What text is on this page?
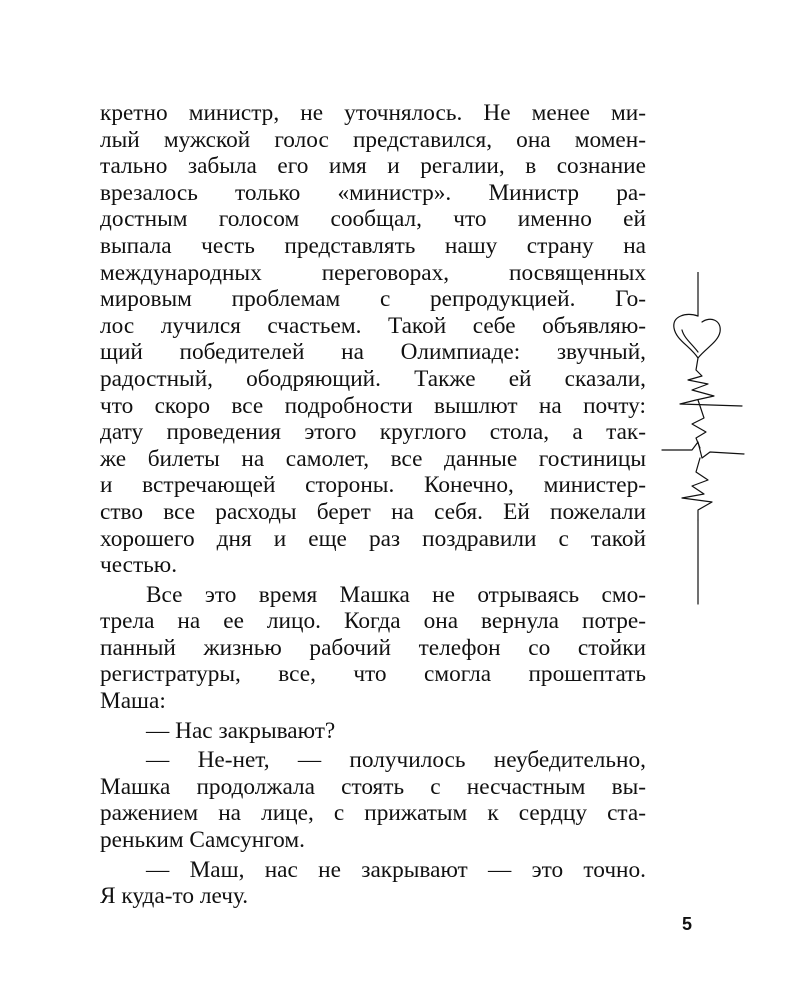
кретно министр, не уточнялось. Не менее ми-
лый мужской голос представился, она момен-
тально забыла его имя и регалии, в сознание
врезалось только «министр». Министр ра-
достным голосом сообщал, что именно ей
выпала честь представлять нашу страну на
международных переговорах, посвященных
мировым проблемам с репродукцией. Го-
лос лучился счастьем. Такой себе объявляю-
щий победителей на Олимпиаде: звучный,
радостный, ободряющий. Также ей сказали,
что скоро все подробности вышлют на почту:
дату проведения этого круглого стола, а так-
же билеты на самолет, все данные гостиницы
и встречающей стороны. Конечно, министер-
ство все расходы берет на себя. Ей пожелали
хорошего дня и еще раз поздравили с такой
честью.
Все это время Машка не отрываясь смо-
трела на ее лицо. Когда она вернула потре-
панный жизнью рабочий телефон со стойки
регистратуры, все, что смогла прошептать
Маша:
— Нас закрывают?
— Не-нет, — получилось неубедительно,
Машка продолжала стоять с несчастным вы-
ражением на лице, с прижатым к сердцу ста-
реньким Самсунгом.
— Маш, нас не закрывают — это точно.
Я куда-то лечу.
5
